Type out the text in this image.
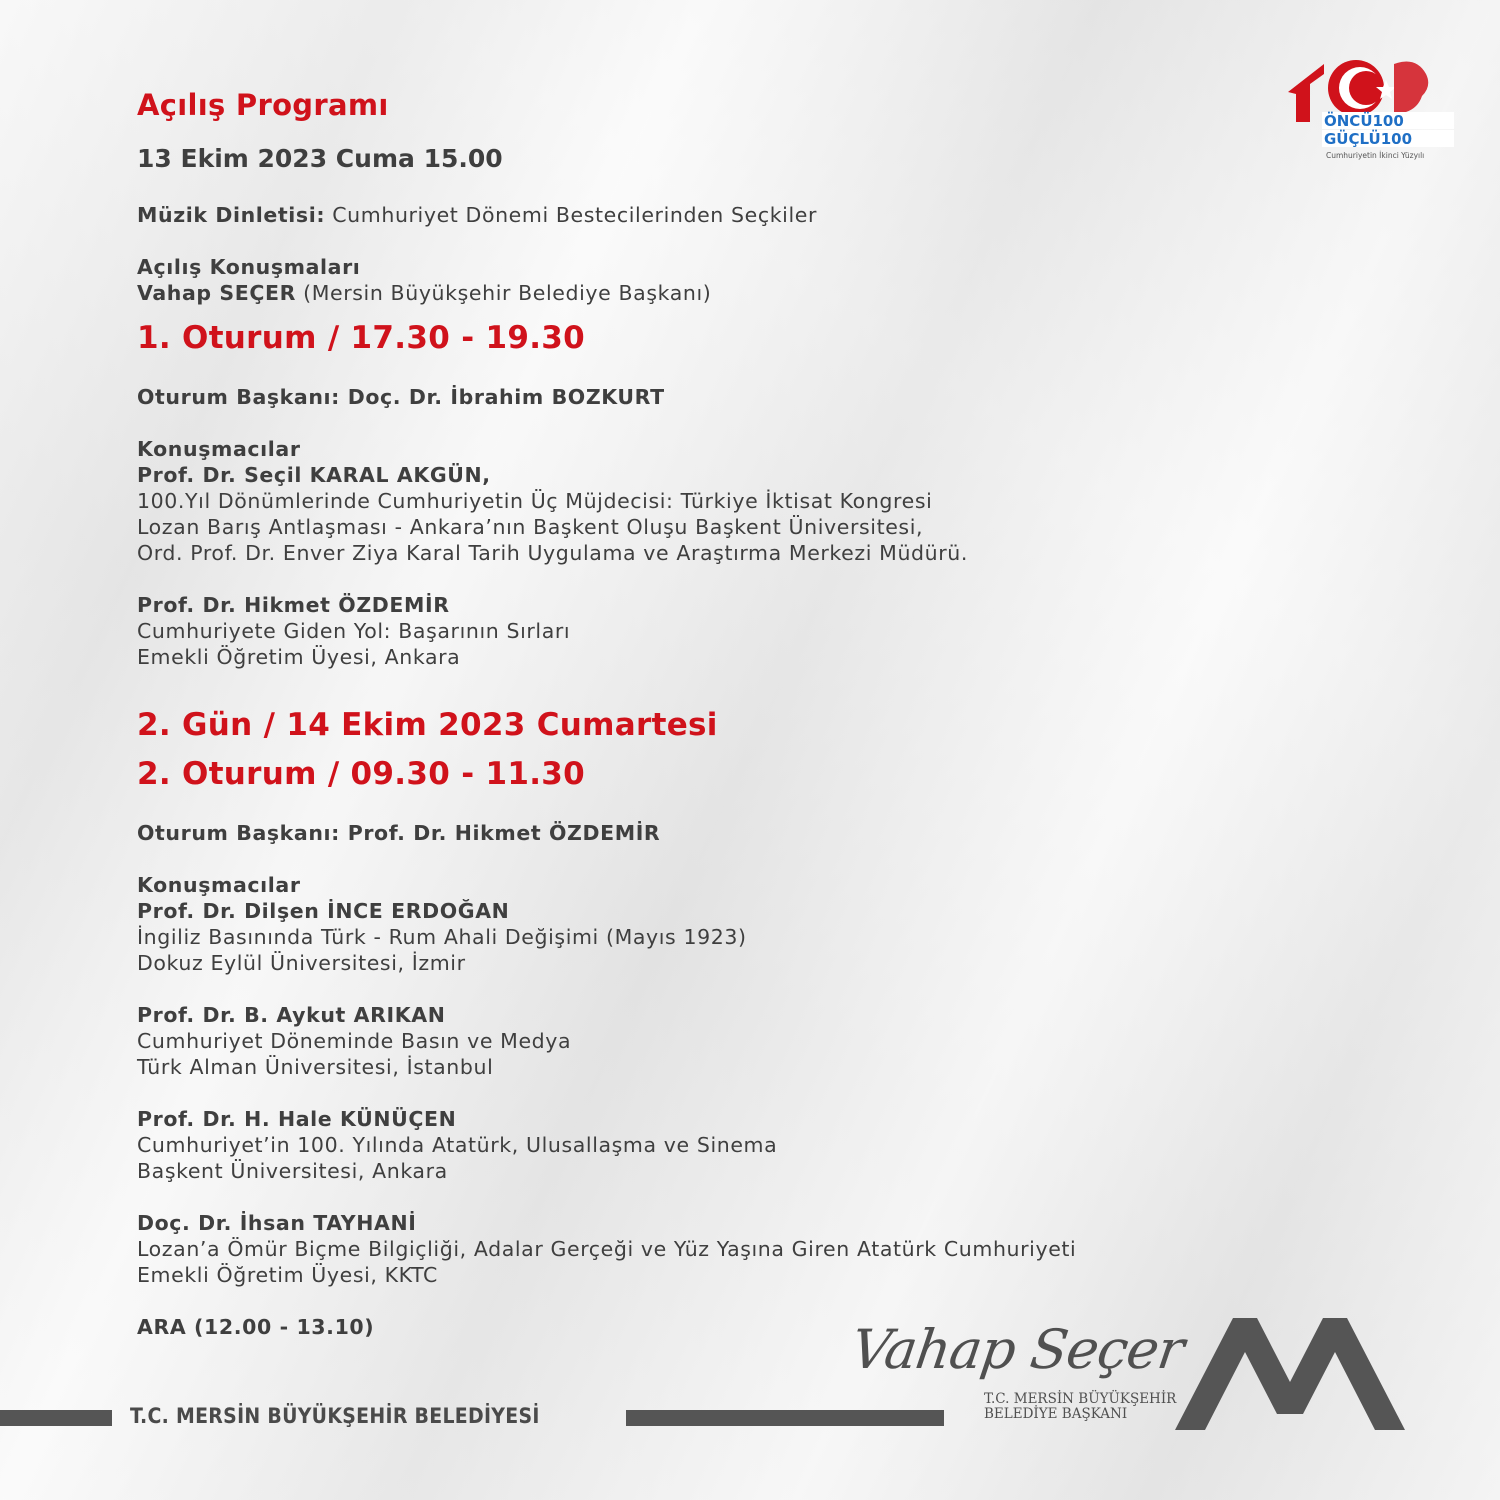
ÖNCÜ100
GÜÇLÜ100
Cumhuriyetin İkinci Yüzyılı
Açılış Programı
13 Ekim 2023 Cuma 15.00
Müzik Dinletisi: Cumhuriyet Dönemi Bestecilerinden Seçkiler
Açılış Konuşmaları
Vahap SEÇER (Mersin Büyükşehir Belediye Başkanı)
1. Oturum / 17.30 - 19.30
Oturum Başkanı: Doç. Dr. İbrahim BOZKURT
Konuşmacılar
Prof. Dr. Seçil KARAL AKGÜN,
100.Yıl Dönümlerinde Cumhuriyetin Üç Müjdecisi: Türkiye İktisat Kongresi
Lozan Barış Antlaşması - Ankara’nın Başkent Oluşu Başkent Üniversitesi,
Ord. Prof. Dr. Enver Ziya Karal Tarih Uygulama ve Araştırma Merkezi Müdürü.
Prof. Dr. Hikmet ÖZDEMİR
Cumhuriyete Giden Yol: Başarının Sırları
Emekli Öğretim Üyesi, Ankara
2. Gün / 14 Ekim 2023 Cumartesi
2. Oturum / 09.30 - 11.30
Oturum Başkanı: Prof. Dr. Hikmet ÖZDEMİR
Konuşmacılar
Prof. Dr. Dilşen İNCE ERDOĞAN
İngiliz Basınında Türk - Rum Ahali Değişimi (Mayıs 1923)
Dokuz Eylül Üniversitesi, İzmir
Prof. Dr. B. Aykut ARIKAN
Cumhuriyet Döneminde Basın ve Medya
Türk Alman Üniversitesi, İstanbul
Prof. Dr. H. Hale KÜNÜÇEN
Cumhuriyet’in 100. Yılında Atatürk, Ulusallaşma ve Sinema
Başkent Üniversitesi, Ankara
Doç. Dr. İhsan TAYHANİ
Lozan’a Ömür Biçme Bilgiçliği, Adalar Gerçeği ve Yüz Yaşına Giren Atatürk Cumhuriyeti
Emekli Öğretim Üyesi, KKTC
ARA (12.00 - 13.10)
T.C. MERSİN BÜYÜKŞEHİR BELEDİYESİ
Vahap Seçer
T.C. MERSİN BÜYÜKŞEHİR
BELEDİYE BAŞKANI
